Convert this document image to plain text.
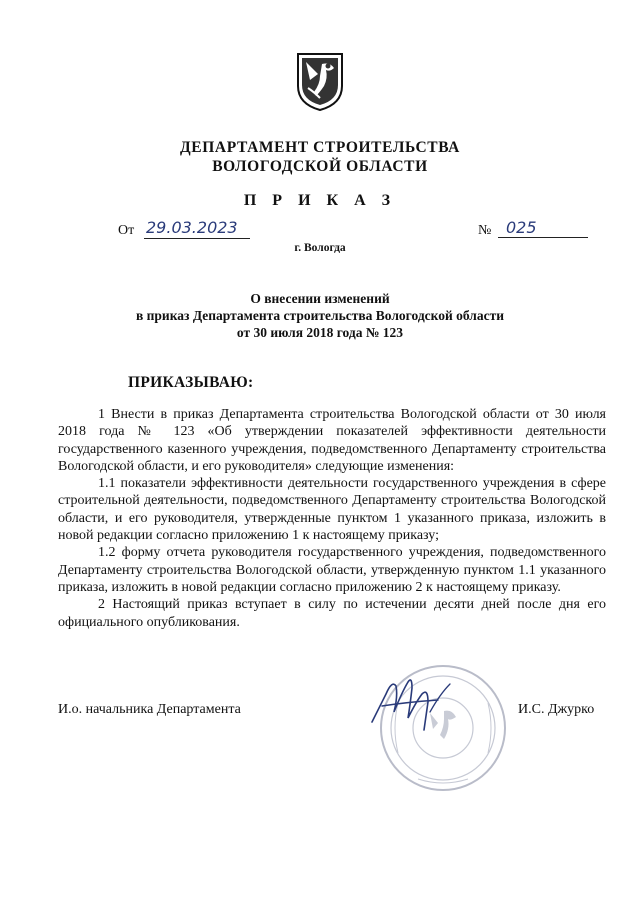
ДЕПАРТАМЕНТ СТРОИТЕЛЬСТВА
ВОЛОГОДСКОЙ ОБЛАСТИ
П Р И К А З
От 29.03.2023	№ 025
г. Вологда
О внесении изменений
в приказ Департамента строительства Вологодской области
от 30 июля 2018 года № 123
ПРИКАЗЫВАЮ:

1 Внести в приказ Департамента строительства Вологодской области от 30 июля 2018 года № 123 «Об утверждении показателей эффективности деятельности государственного казенного учреждения, подведомственного Департаменту строительства Вологодской области, и его руководителя» следующие изменения:

1.1 показатели эффективности деятельности государственного учреждения в сфере строительной деятельности, подведомственного Департаменту строительства Вологодской области, и его руководителя, утвержденные пунктом 1 указанного приказа, изложить в новой редакции согласно приложению 1 к настоящему приказу;

1.2 форму отчета руководителя государственного учреждения, подведомственного Департаменту строительства Вологодской области, утвержденную пунктом 1.1 указанного приказа, изложить в новой редакции согласно приложению 2 к настоящему приказу.

2 Настоящий приказ вступает в силу по истечении десяти дней после дня его официального опубликования.

И.о. начальника Департамента	И.С. Джурко
